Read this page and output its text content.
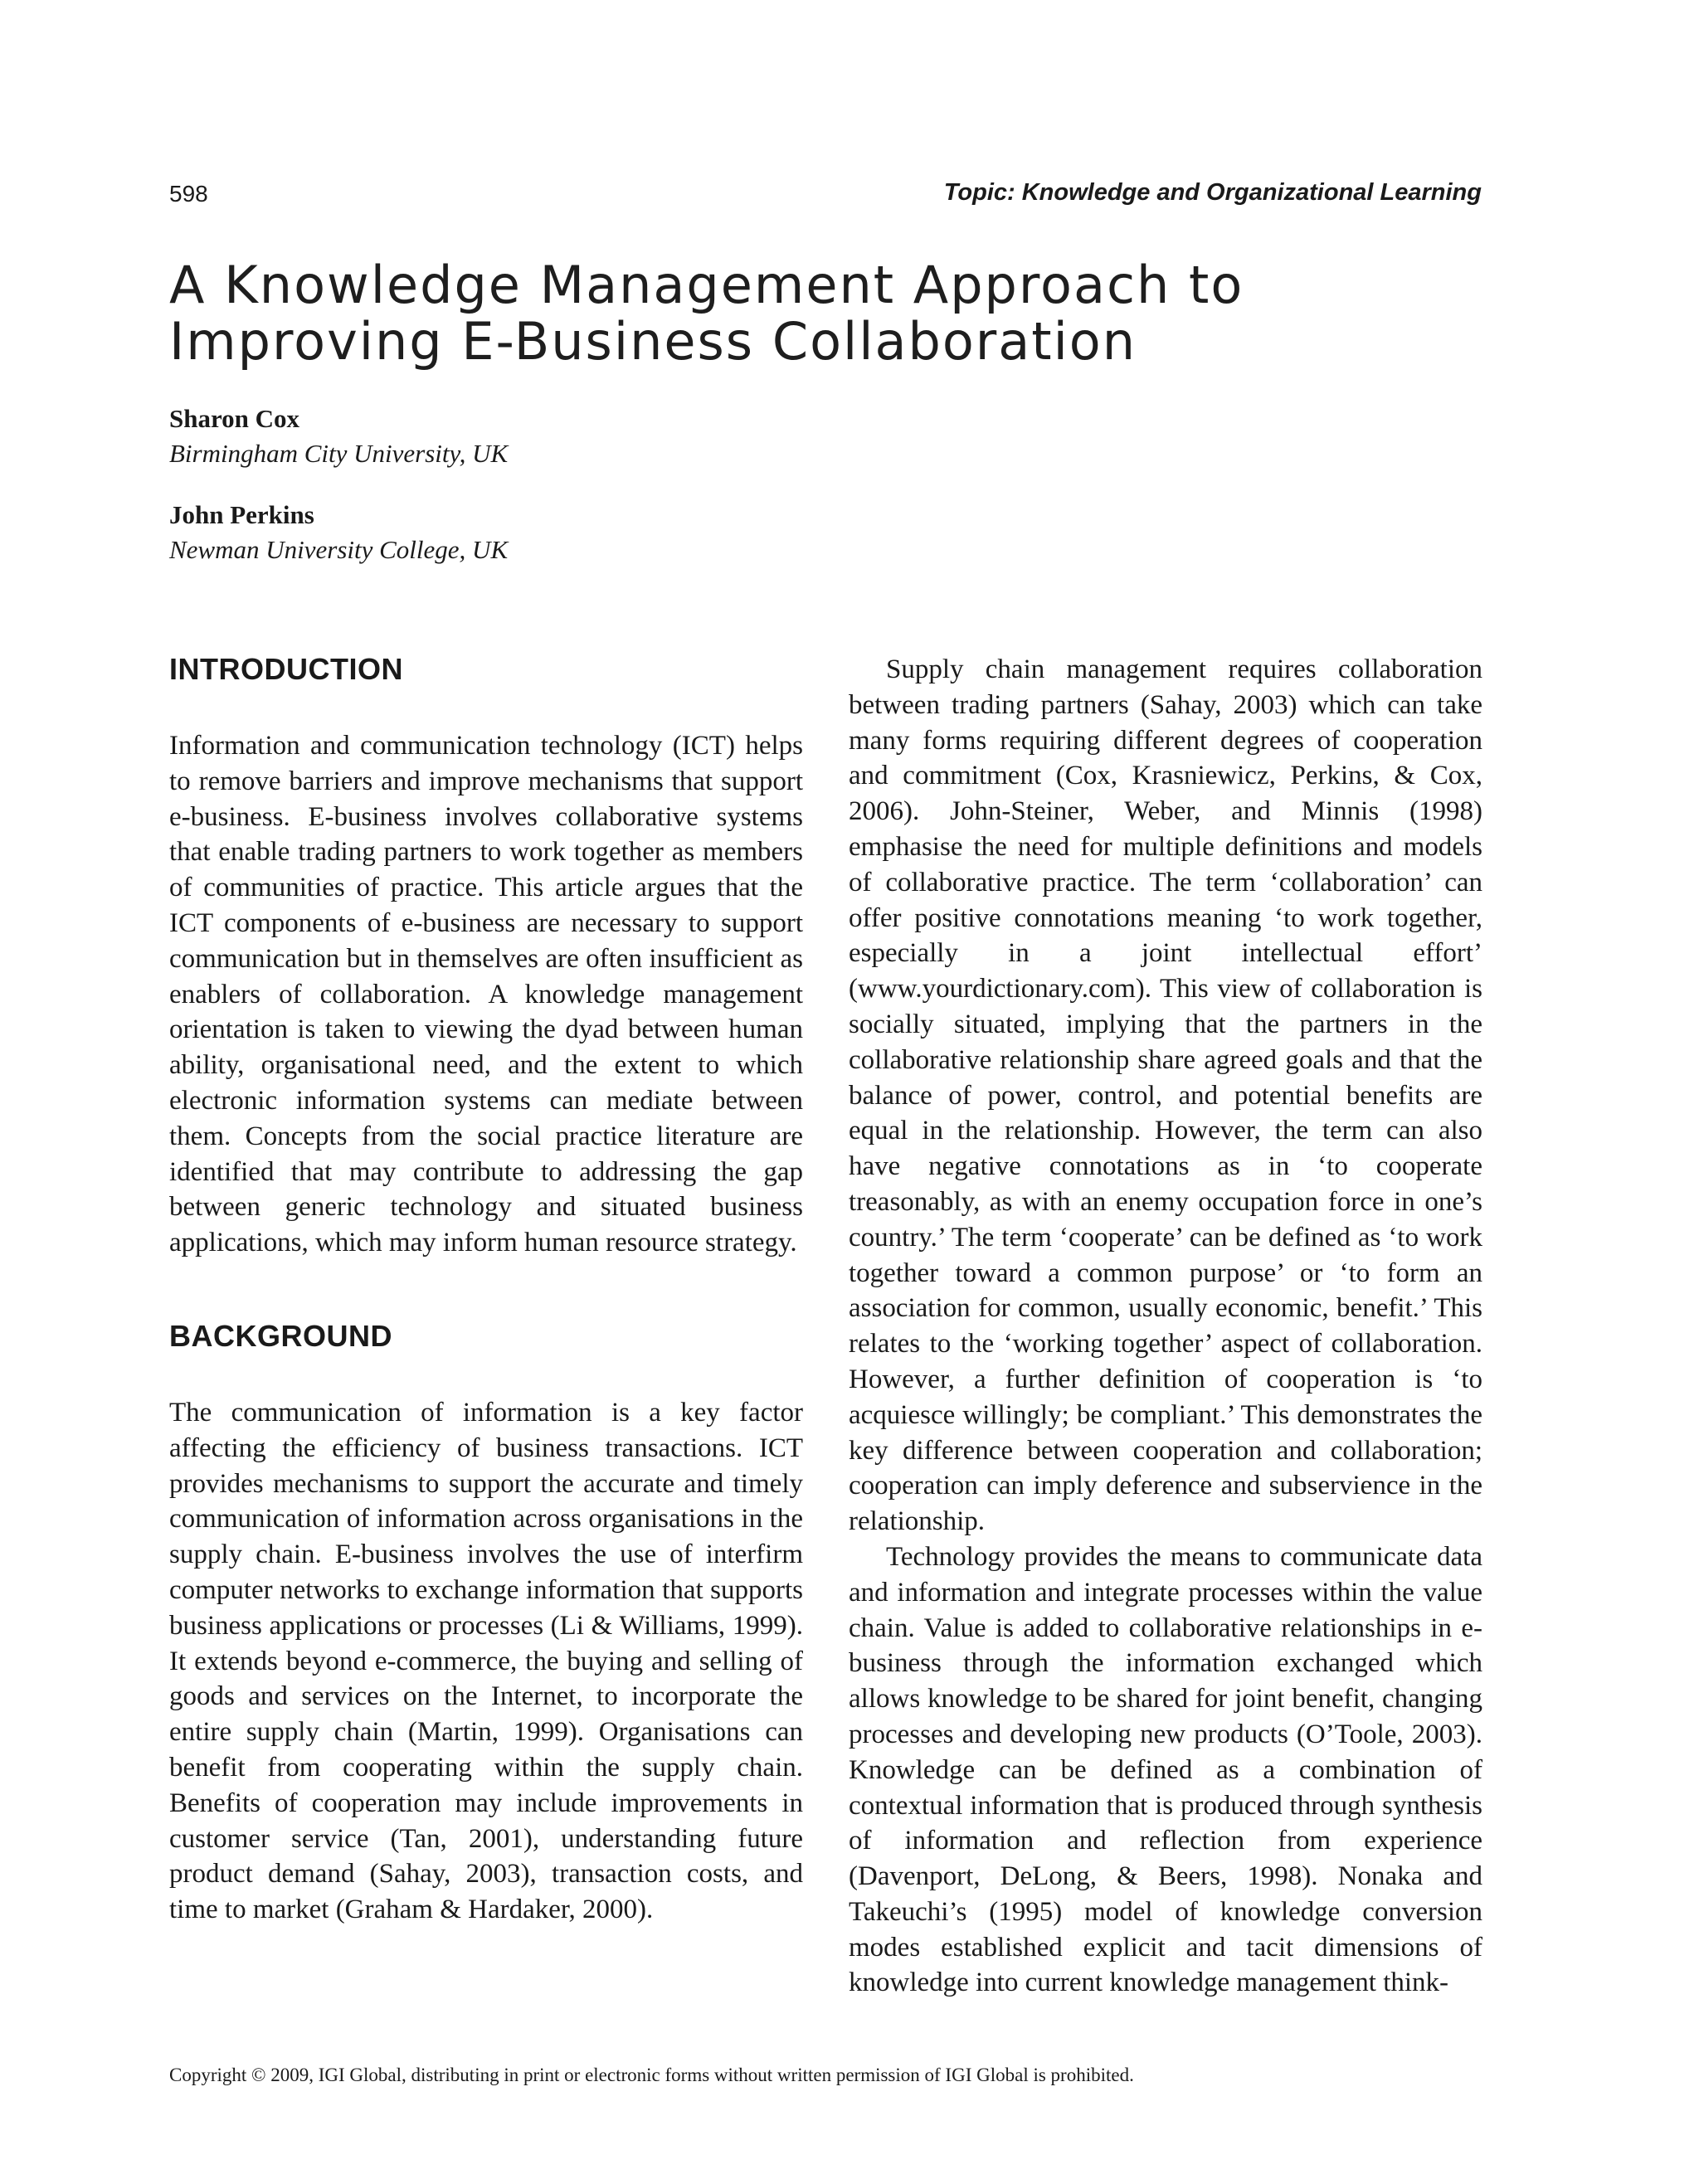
598	Topic: Knowledge and Organizational Learning
A Knowledge Management Approach to Improving E-Business Collaboration
Sharon Cox
Birmingham City University, UK
John Perkins
Newman University College, UK
INTRODUCTION

Information and communication technology (ICT) helps to remove barriers and improve mechanisms that support e-business. E-business involves collaborative systems that enable trading partners to work together as members of communities of practice. This article argues that the ICT components of e-business are necessary to support communication but in themselves are often insufficient as enablers of collaboration. A knowledge management orientation is taken to viewing the dyad between human ability, organisational need, and the extent to which electronic information systems can mediate between them. Concepts from the social practice literature are identified that may contribute to addressing the gap between generic technology and situated business applications, which may inform human resource strategy.

BACKGROUND

The communication of information is a key factor affecting the efficiency of business transactions. ICT provides mechanisms to support the accurate and timely communication of information across organisations in the supply chain. E-business involves the use of interfirm computer networks to exchange information that supports business applications or processes (Li & Williams, 1999). It extends beyond e-commerce, the buying and selling of goods and services on the Internet, to incorporate the entire supply chain (Martin, 1999). Organisations can benefit from cooperating within the supply chain. Benefits of cooperation may include improvements in customer service (Tan, 2001), understanding future product demand (Sahay, 2003), transaction costs, and time to market (Graham & Hardaker, 2000).

Supply chain management requires collaboration between trading partners (Sahay, 2003) which can take many forms requiring different degrees of cooperation and commitment (Cox, Krasniewicz, Perkins, & Cox, 2006). John-Steiner, Weber, and Minnis (1998) emphasise the need for multiple definitions and models of collaborative practice. The term ‘collaboration’ can offer positive connotations meaning ‘to work together, especially in a joint intellectual effort’ (www.yourdictionary.com). This view of collaboration is socially situated, implying that the partners in the collaborative relationship share agreed goals and that the balance of power, control, and potential benefits are equal in the relationship. However, the term can also have negative connotations as in ‘to cooperate treasonably, as with an enemy occupation force in one’s country.’ The term ‘cooperate’ can be defined as ‘to work together toward a common purpose’ or ‘to form an association for common, usually economic, benefit.’ This relates to the ‘working together’ aspect of collaboration. However, a further definition of cooperation is ‘to acquiesce willingly; be compliant.’ This demonstrates the key difference between cooperation and collaboration; cooperation can imply deference and subservience in the relationship.

Technology provides the means to communicate data and information and integrate processes within the value chain. Value is added to collaborative relationships in e-business through the information exchanged which allows knowledge to be shared for joint benefit, changing processes and developing new products (O’Toole, 2003). Knowledge can be defined as a combination of contextual information that is produced through synthesis of information and reflection from experience (Davenport, DeLong, & Beers, 1998). Nonaka and Takeuchi’s (1995) model of knowledge conversion modes established explicit and tacit dimensions of knowledge into current knowledge management think-

Copyright © 2009, IGI Global, distributing in print or electronic forms without written permission of IGI Global is prohibited.
